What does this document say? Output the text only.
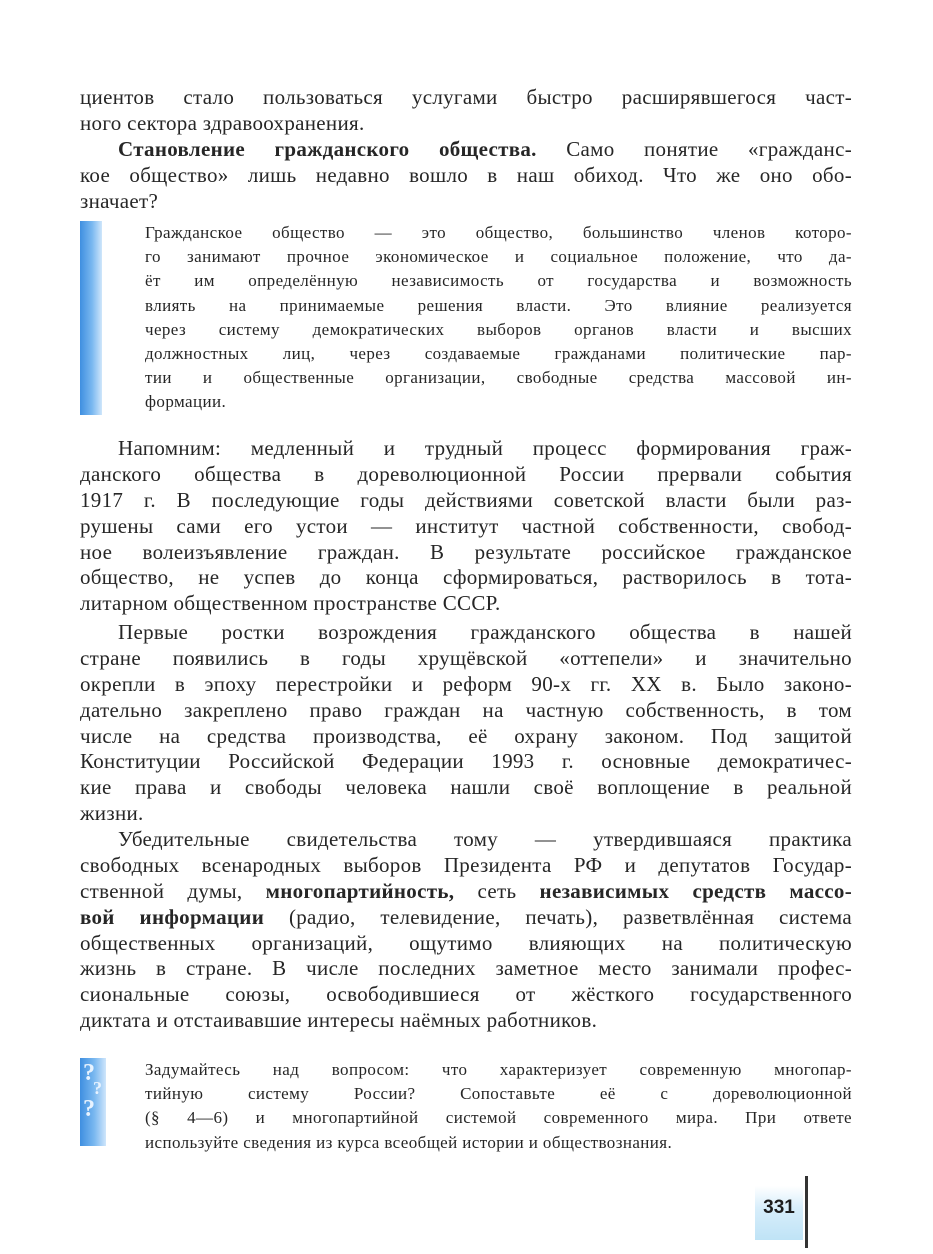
циентов стало пользоваться услугами быстро расширявшегося част-
ного сектора здравоохранения.
Становление гражданского общества. Само понятие «гражданс-
кое общество» лишь недавно вошло в наш обиход. Что же оно обо-
значает?
Гражданское общество — это общество, большинство членов которо-
го занимают прочное экономическое и социальное положение, что да-
ёт им определённую независимость от государства и возможность
влиять на принимаемые решения власти. Это влияние реализуется
через систему демократических выборов органов власти и высших
должностных лиц, через создаваемые гражданами политические пар-
тии и общественные организации, свободные средства массовой ин-
формации.
Напомним: медленный и трудный процесс формирования граж-
данского общества в дореволюционной России прервали события
1917 г. В последующие годы действиями советской власти были раз-
рушены сами его устои — институт частной собственности, свобод-
ное волеизъявление граждан. В результате российское гражданское
общество, не успев до конца сформироваться, растворилось в тота-
литарном общественном пространстве СССР.
Первые ростки возрождения гражданского общества в нашей
стране появились в годы хрущёвской «оттепели» и значительно
окрепли в эпоху перестройки и реформ 90-х гг. XX в. Было законо-
дательно закреплено право граждан на частную собственность, в том
числе на средства производства, её охрану законом. Под защитой
Конституции Российской Федерации 1993 г. основные демократичес-
кие права и свободы человека нашли своё воплощение в реальной
жизни.
Убедительные свидетельства тому — утвердившаяся практика
свободных всенародных выборов Президента РФ и депутатов Государ-
ственной думы, многопартийность, сеть независимых средств массо-
вой информации (радио, телевидение, печать), разветвлённая система
общественных организаций, ощутимо влияющих на политическую
жизнь в стране. В числе последних заметное место занимали профес-
сиональные союзы, освободившиеся от жёсткого государственного
диктата и отстаивавшие интересы наёмных работников.
?
?
?
Задумайтесь над вопросом: что характеризует современную многопар-
тийную систему России? Сопоставьте её с дореволюционной
(§ 4—6) и многопартийной системой современного мира. При ответе
используйте сведения из курса всеобщей истории и обществознания.
331
